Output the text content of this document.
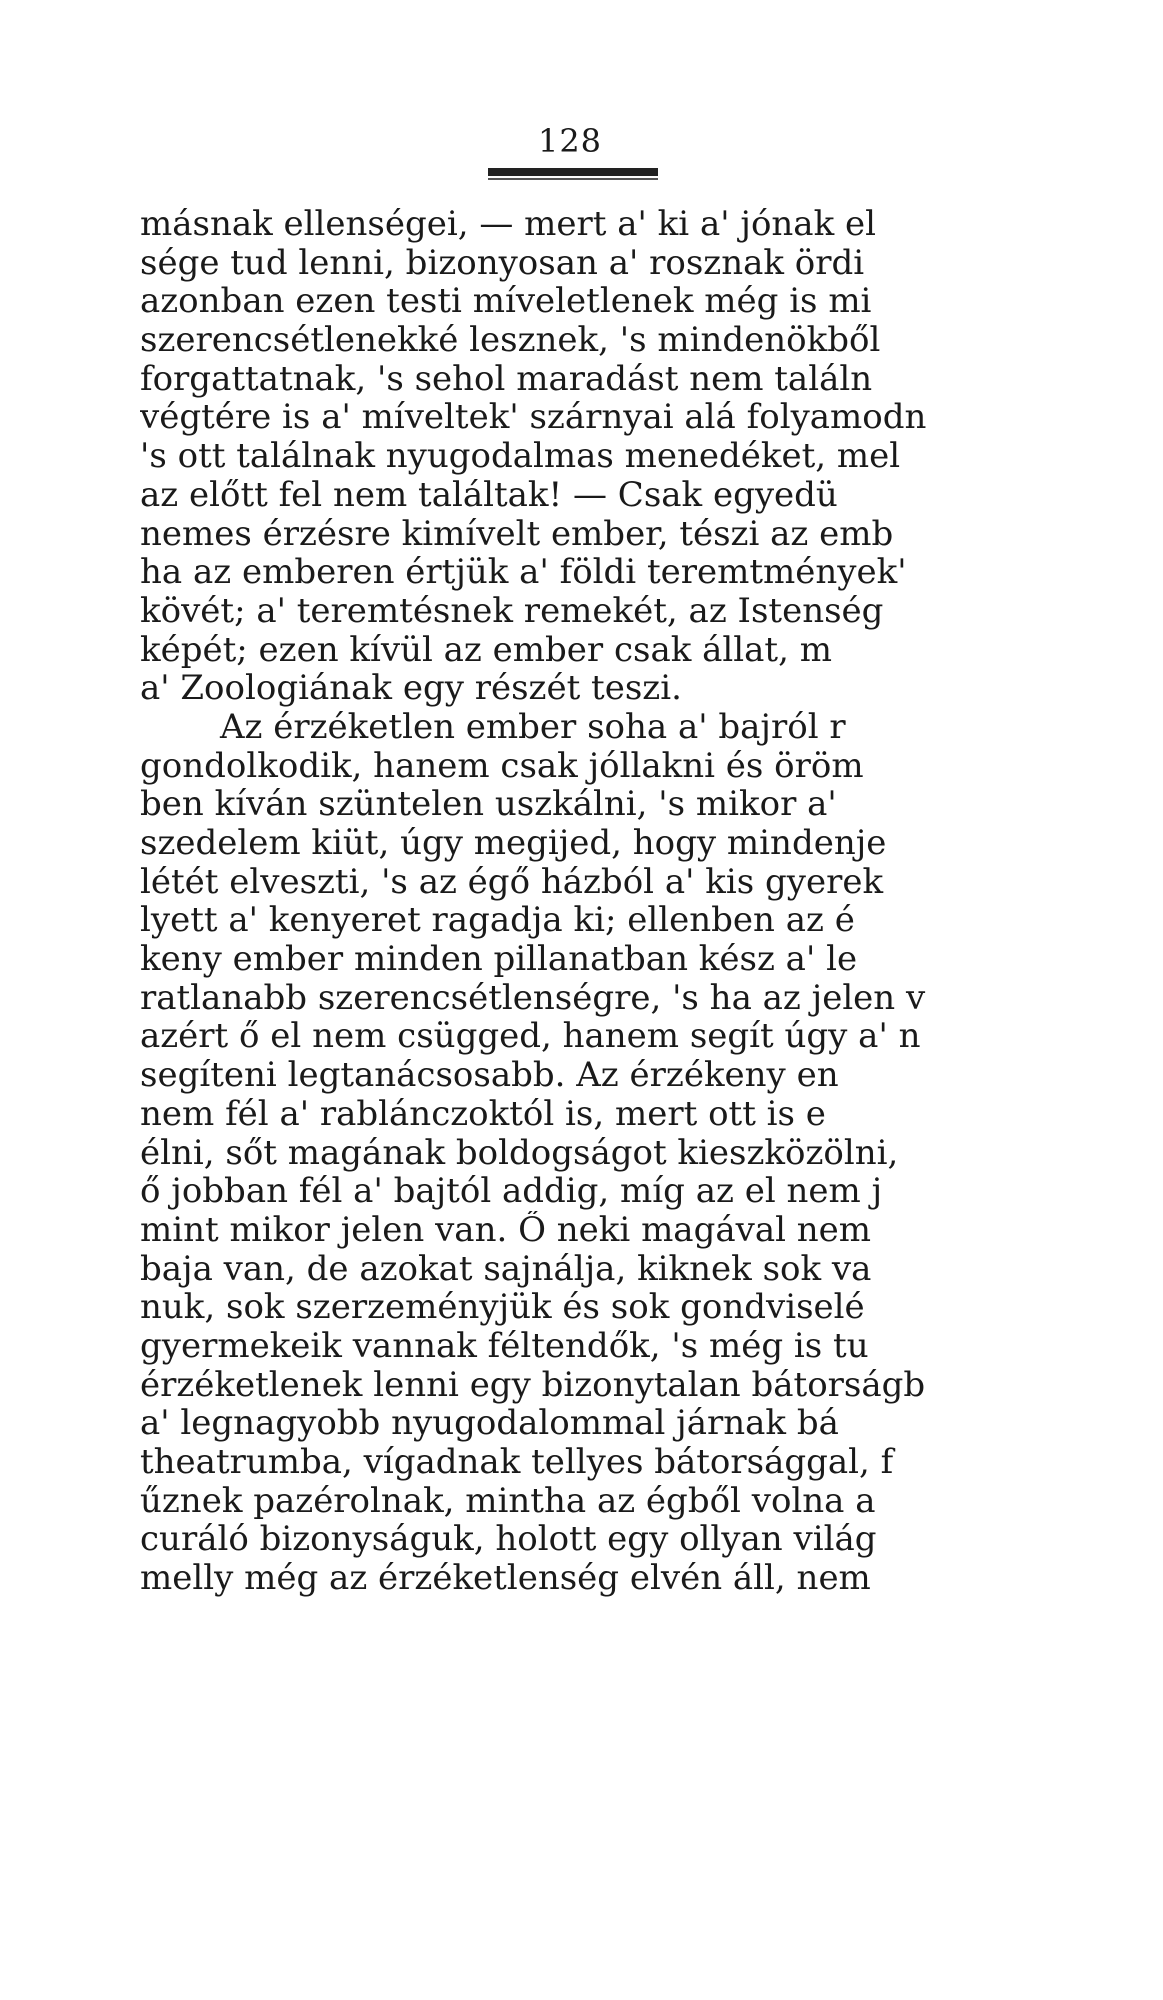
128
másnak ellenségei, — mert a' ki a' jónak el
sége tud lenni, bizonyosan a' rosznak ördi
azonban ezen testi míveletlenek még is mi
szerencsétlenekké lesznek, 's mindenökből
forgattatnak, 's sehol maradást nem találn
végtére is a' míveltek' szárnyai alá folyamodn
's ott találnak nyugodalmas menedéket, mel
az előtt fel nem találtak! — Csak egyedü
nemes érzésre kimívelt ember, tészi az emb
ha az emberen értjük a' földi teremtmények'
kövét; a' teremtésnek remekét, az Istenség
képét; ezen kívül az ember csak állat, m
a' Zoologiának egy részét teszi.
Az érzéketlen ember soha a' bajról r
gondolkodik, hanem csak jóllakni és öröm
ben kíván szüntelen uszkálni, 's mikor a'
szedelem kiüt, úgy megijed, hogy mindenje
létét elveszti, 's az égő házból a' kis gyerek
lyett a' kenyeret ragadja ki; ellenben az é
keny ember minden pillanatban kész a' le
ratlanabb szerencsétlenségre, 's ha az jelen v
azért ő el nem csügged, hanem segít úgy a' n
segíteni legtanácsosabb. Az érzékeny en
nem fél a' rablánczoktól is, mert ott is e
élni, sőt magának boldogságot kieszközölni,
ő jobban fél a' bajtól addig, míg az el nem j
mint mikor jelen van. Ő neki magával nem
baja van, de azokat sajnálja, kiknek sok va
nuk, sok szerzeményjük és sok gondviselé
gyermekeik vannak féltendők, 's még is tu
érzéketlenek lenni egy bizonytalan bátorságb
a' legnagyobb nyugodalommal járnak bá
theatrumba, vígadnak tellyes bátorsággal, f
űznek pazérolnak, mintha az égből volna a
curáló bizonyságuk, holott egy ollyan világ
melly még az érzéketlenség elvén áll, nem
